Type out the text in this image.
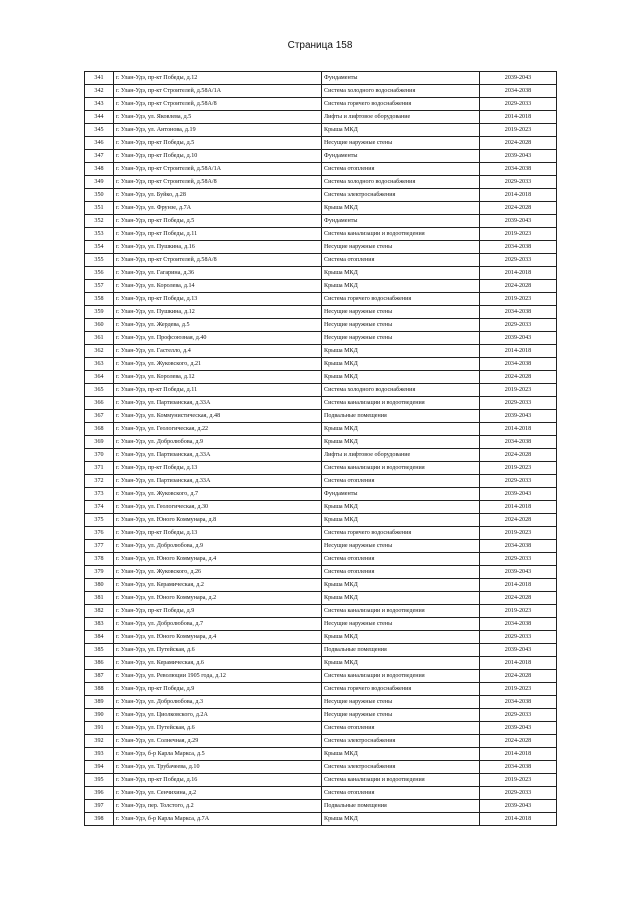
Страница 158
341	г. Улан-Удэ, пр-кт Победы, д.12	Фундаменты	2039-2043
342	г. Улан-Удэ, пр-кт Строителей, д.58А/1А	Система холодного водоснабжения	2034-2038
343	г. Улан-Удэ, пр-кт Строителей, д.58А/8	Система горячего водоснабжения	2029-2033
344	г. Улан-Удэ, ул. Яковлева, д.5	Лифты и лифтовое оборудование	2014-2018
345	г. Улан-Удэ, ул. Антонова, д.19	Крыша МКД	2019-2023
346	г. Улан-Удэ, пр-кт Победы, д.5	Несущие наружные стены	2024-2028
347	г. Улан-Удэ, пр-кт Победы, д.10	Фундаменты	2039-2043
348	г. Улан-Удэ, пр-кт Строителей, д.58А/1А	Система отопления	2034-2038
349	г. Улан-Удэ, пр-кт Строителей, д.58А/8	Система холодного водоснабжения	2029-2033
350	г. Улан-Удэ, ул. Буйко, д.28	Система электроснабжения	2014-2018
351	г. Улан-Удэ, ул. Фрунзе, д.7А	Крыша МКД	2024-2028
352	г. Улан-Удэ, пр-кт Победы, д.5	Фундаменты	2039-2043
353	г. Улан-Удэ, пр-кт Победы, д.11	Система канализации и водоотведения	2019-2023
354	г. Улан-Удэ, ул. Пушкина, д.16	Несущие наружные стены	2034-2038
355	г. Улан-Удэ, пр-кт Строителей, д.58А/8	Система отопления	2029-2033
356	г. Улан-Удэ, ул. Гагарина, д.36	Крыша МКД	2014-2018
357	г. Улан-Удэ, ул. Королева, д.14	Крыша МКД	2024-2028
358	г. Улан-Удэ, пр-кт Победы, д.13	Система горячего водоснабжения	2019-2023
359	г. Улан-Удэ, ул. Пушкина, д.12	Несущие наружные стены	2034-2038
360	г. Улан-Удэ, ул. Жердева, д.5	Несущие наружные стены	2029-2033
361	г. Улан-Удэ, ул. Профсоюзная, д.40	Несущие наружные стены	2039-2043
362	г. Улан-Удэ, ул. Гастелло, д.4	Крыша МКД	2014-2018
363	г. Улан-Удэ, ул. Жуковского, д.21	Крыша МКД	2034-2038
364	г. Улан-Удэ, ул. Королева, д.12	Крыша МКД	2024-2028
365	г. Улан-Удэ, пр-кт Победы, д.11	Система холодного водоснабжения	2019-2023
366	г. Улан-Удэ, ул. Партизанская, д.33А	Система канализации и водоотведения	2029-2033
367	г. Улан-Удэ, ул. Коммунистическая, д.48	Подвальные помещения	2039-2043
368	г. Улан-Удэ, ул. Геологическая, д.22	Крыша МКД	2014-2018
369	г. Улан-Удэ, ул. Добролюбова, д.9	Крыша МКД	2034-2038
370	г. Улан-Удэ, ул. Партизанская, д.33А	Лифты и лифтовое оборудование	2024-2028
371	г. Улан-Удэ, пр-кт Победы, д.13	Система канализации и водоотведения	2019-2023
372	г. Улан-Удэ, ул. Партизанская, д.33А	Система отопления	2029-2033
373	г. Улан-Удэ, ул. Жуковского, д.7	Фундаменты	2039-2043
374	г. Улан-Удэ, ул. Геологическая, д.30	Крыша МКД	2014-2018
375	г. Улан-Удэ, ул. Юного Коммунара, д.8	Крыша МКД	2024-2028
376	г. Улан-Удэ, пр-кт Победы, д.13	Система горячего водоснабжения	2019-2023
377	г. Улан-Удэ, ул. Добролюбова, д.9	Несущие наружные стены	2034-2038
378	г. Улан-Удэ, ул. Юного Коммунара, д.4	Система отопления	2029-2033
379	г. Улан-Удэ, ул. Жуковского, д.26	Система отопления	2039-2043
380	г. Улан-Удэ, ул. Керамическая, д.2	Крыша МКД	2014-2018
381	г. Улан-Удэ, ул. Юного Коммунара, д.2	Крыша МКД	2024-2028
382	г. Улан-Удэ, пр-кт Победы, д.9	Система канализации и водоотведения	2019-2023
383	г. Улан-Удэ, ул. Добролюбова, д.7	Несущие наружные стены	2034-2038
384	г. Улан-Удэ, ул. Юного Коммунара, д.4	Крыша МКД	2029-2033
385	г. Улан-Удэ, ул. Путейская, д.6	Подвальные помещения	2039-2043
386	г. Улан-Удэ, ул. Керамическая, д.6	Крыша МКД	2014-2018
387	г. Улан-Удэ, ул. Революции 1905 года, д.12	Система канализации и водоотведения	2024-2028
388	г. Улан-Удэ, пр-кт Победы, д.9	Система горячего водоснабжения	2019-2023
389	г. Улан-Удэ, ул. Добролюбова, д.3	Несущие наружные стены	2034-2038
390	г. Улан-Удэ, ул. Циолковского, д.2А	Несущие наружные стены	2029-2033
391	г. Улан-Удэ, ул. Путейская, д.6	Система отопления	2039-2043
392	г. Улан-Удэ, ул. Солнечная, д.29	Система электроснабжения	2024-2028
393	г. Улан-Удэ, б-р Карла Маркса, д.5	Крыша МКД	2014-2018
394	г. Улан-Удэ, ул. Трубачеева, д.10	Система электроснабжения	2034-2038
395	г. Улан-Удэ, пр-кт Победы, д.16	Система канализации и водоотведения	2019-2023
396	г. Улан-Удэ, ул. Сенчихина, д.2	Система отопления	2029-2033
397	г. Улан-Удэ, пер. Толстого, д.2	Подвальные помещения	2039-2043
398	г. Улан-Удэ, б-р Карла Маркса, д.7А	Крыша МКД	2014-2018
